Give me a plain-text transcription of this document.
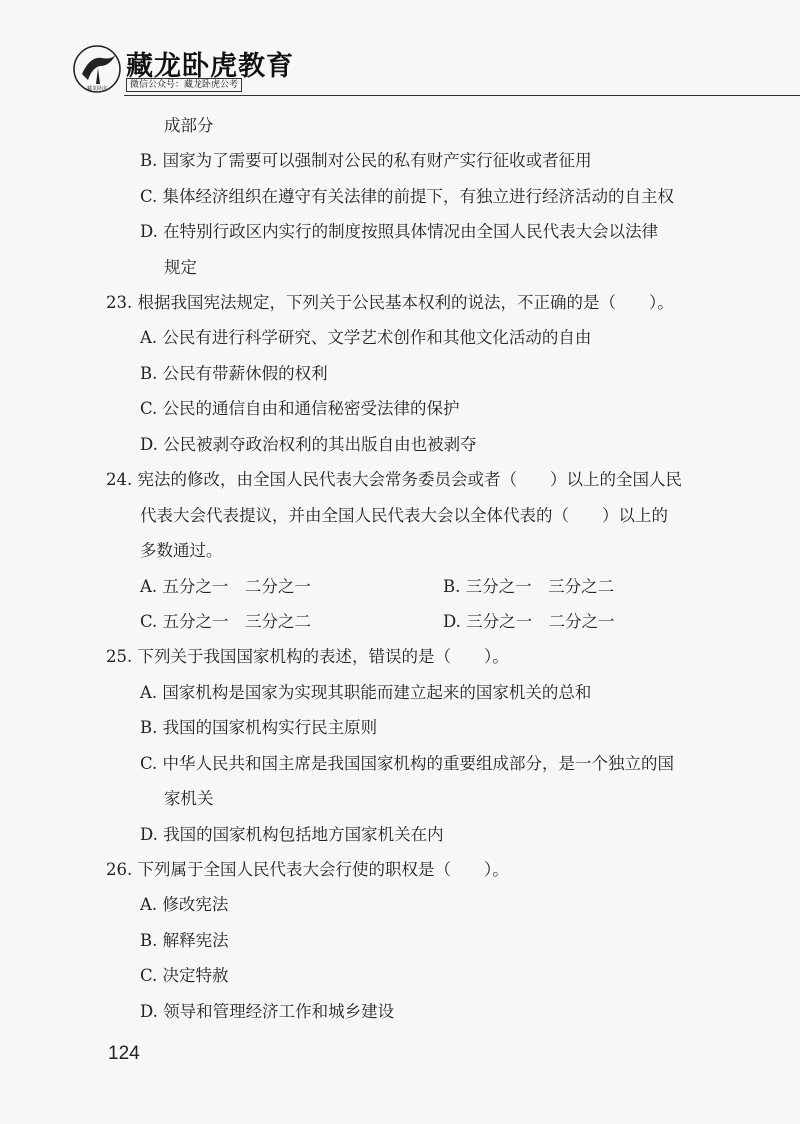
藏龙卧虎
藏龙卧虎教育
微信公众号：藏龙卧虎公考
成部分
B. 国家为了需要可以强制对公民的私有财产实行征收或者征用
C. 集体经济组织在遵守有关法律的前提下，有独立进行经济活动的自主权
D. 在特别行政区内实行的制度按照具体情况由全国人民代表大会以法律
规定
23. 根据我国宪法规定，下列关于公民基本权利的说法，不正确的是（　　）。
A. 公民有进行科学研究、文学艺术创作和其他文化活动的自由
B. 公民有带薪休假的权利
C. 公民的通信自由和通信秘密受法律的保护
D. 公民被剥夺政治权利的其出版自由也被剥夺
24. 宪法的修改，由全国人民代表大会常务委员会或者（　　）以上的全国人民
代表大会代表提议，并由全国人民代表大会以全体代表的（　　）以上的
多数通过。
A. 五分之一　二分之一	B. 三分之一　三分之二
C. 五分之一　三分之二	D. 三分之一　二分之一
25. 下列关于我国国家机构的表述，错误的是（　　）。
A. 国家机构是国家为实现其职能而建立起来的国家机关的总和
B. 我国的国家机构实行民主原则
C. 中华人民共和国主席是我国国家机构的重要组成部分，是一个独立的国
家机关
D. 我国的国家机构包括地方国家机关在内
26. 下列属于全国人民代表大会行使的职权是（　　）。
A. 修改宪法
B. 解释宪法
C. 决定特赦
D. 领导和管理经济工作和城乡建设
124
